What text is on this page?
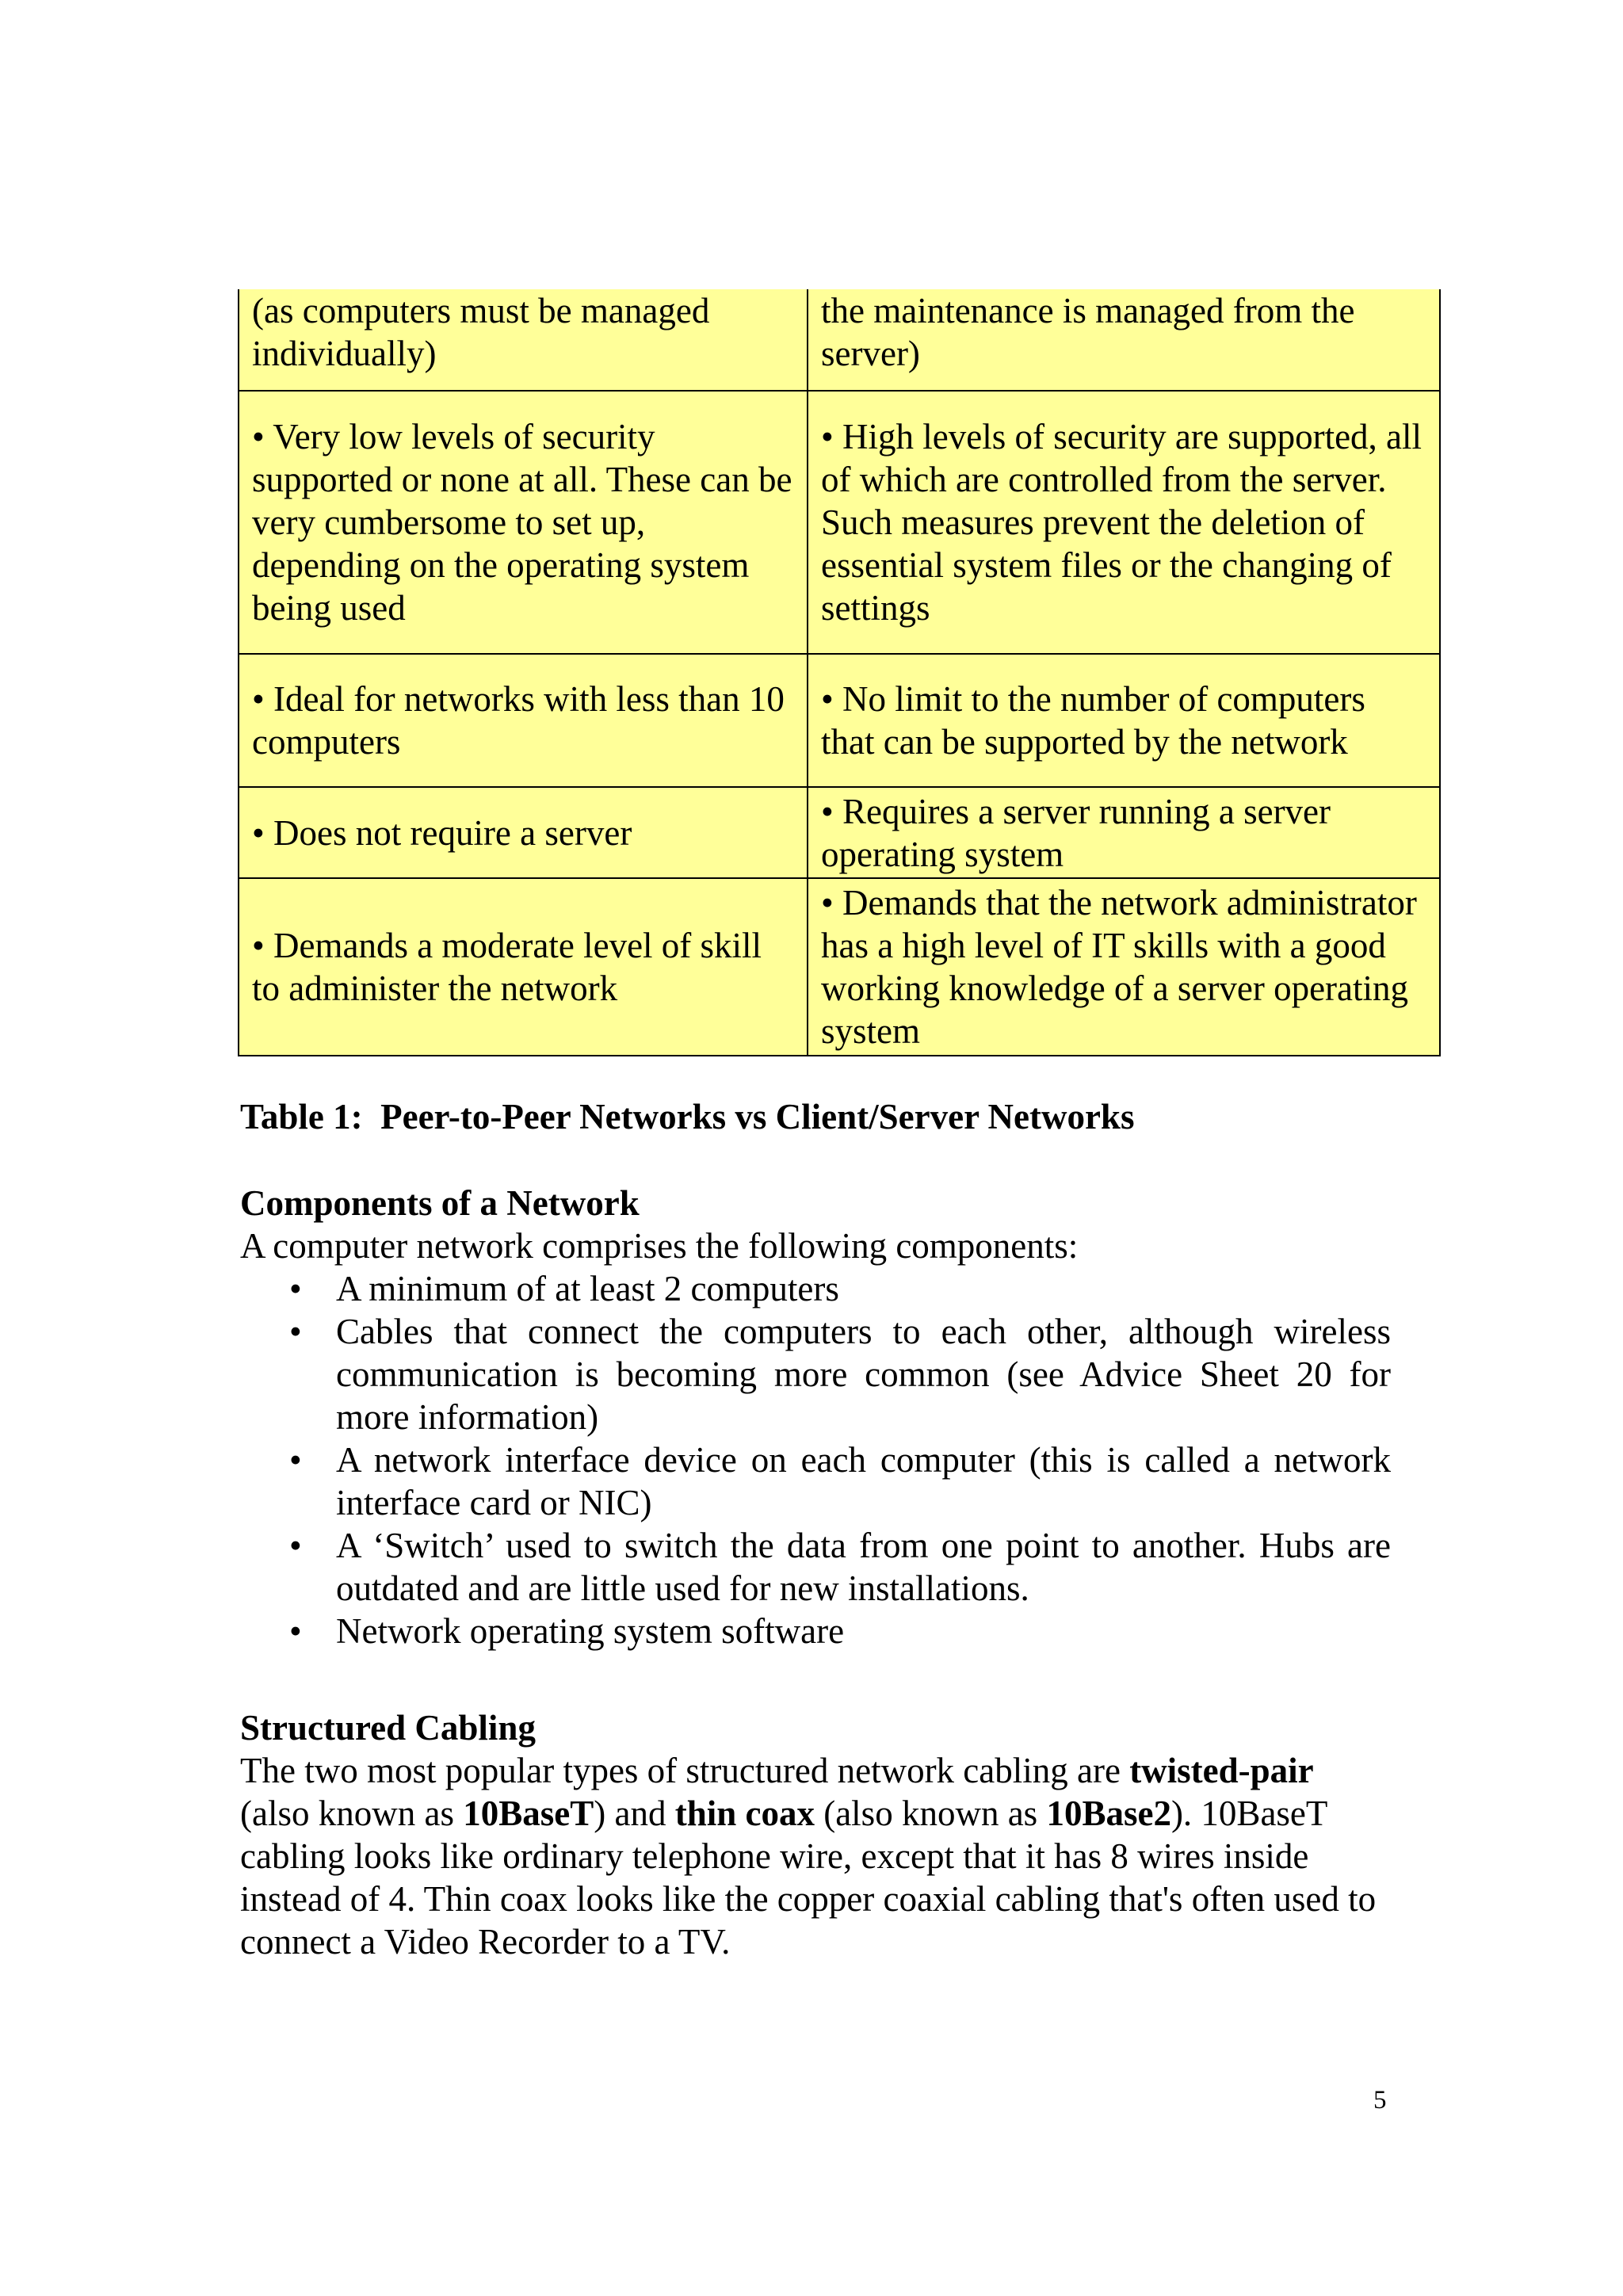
(as computers must be managed individually)	the maintenance is managed from the server)

• Very low levels of security supported or none at all. These can be very cumbersome to set up, depending on the operating system being used	• High levels of security are supported, all of which are controlled from the server. Such measures prevent the deletion of essential system files or the changing of settings

• Ideal for networks with less than 10 computers	• No limit to the number of computers that can be supported by the network

• Does not require a server	• Requires a server running a server operating system

• Demands a moderate level of skill to administer the network	• Demands that the network administrator has a high level of IT skills with a good working knowledge of a server operating system
Table 1:  Peer-to-Peer Networks vs Client/Server Networks

Components of a Network

A computer network comprises the following components:

• A minimum of at least 2 computers
• Cables that connect the computers to each other, although wireless communication is becoming more common (see Advice Sheet 20 for more information)
• A network interface device on each computer (this is called a network interface card or NIC)
• A ‘Switch’ used to switch the data from one point to another. Hubs are outdated and are little used for new installations.
• Network operating system software

Structured Cabling

The two most popular types of structured network cabling are twisted-pair (also known as 10BaseT) and thin coax (also known as 10Base2). 10BaseT cabling looks like ordinary telephone wire, except that it has 8 wires inside instead of 4. Thin coax looks like the copper coaxial cabling that's often used to connect a Video Recorder to a TV.

5
